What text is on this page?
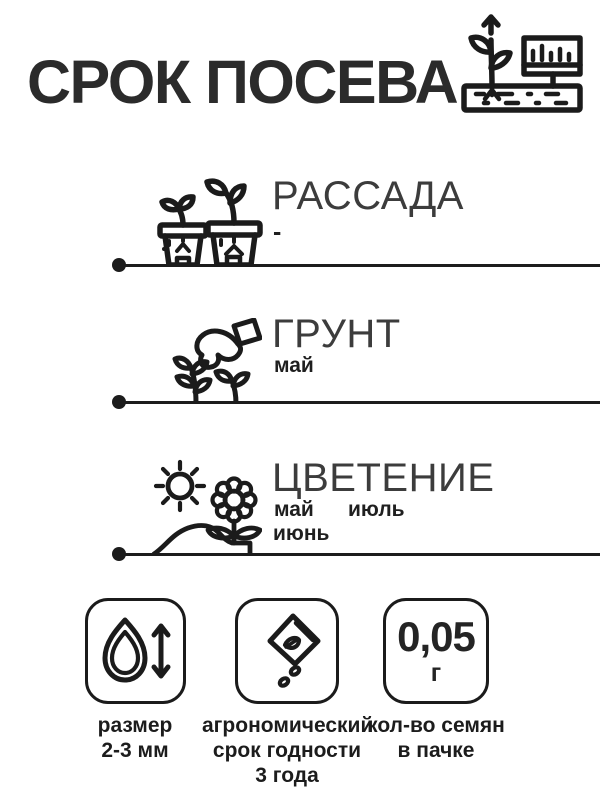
СРОК ПОСЕВА
РАССАДА
-
ГРУНТ
май
ЦВЕТЕНИЕ
май июль
июнь
размер
2-3 мм
агрономический
срок годности
3 года
0,05
г
кол-во семян
в пачке
